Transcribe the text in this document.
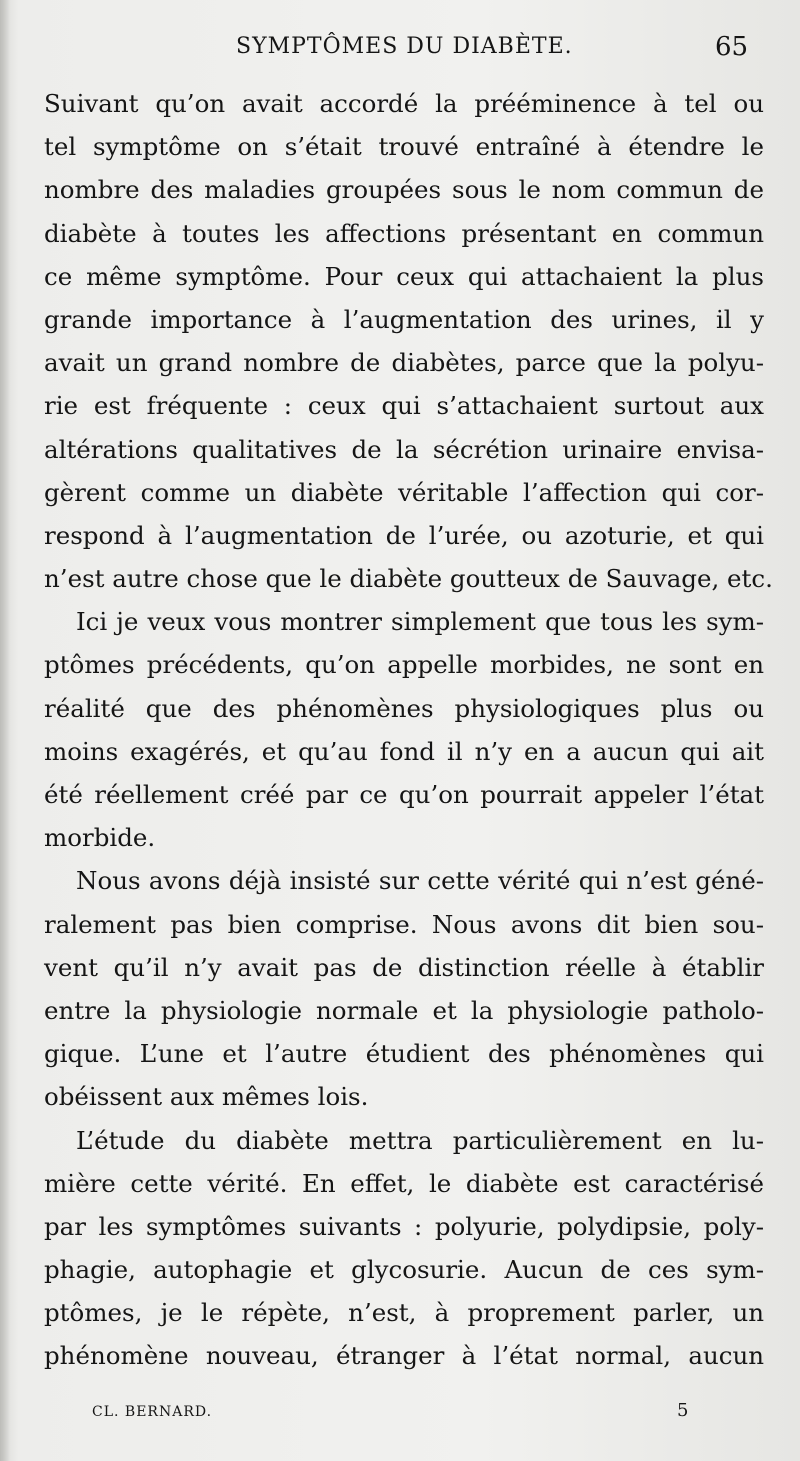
SYMPTÔMES DU DIABÈTE.	65
Suivant qu’on avait accordé la prééminence à tel ou
tel symptôme on s’était trouvé entraîné à étendre le
nombre des maladies groupées sous le nom commun de
diabète à toutes les affections présentant en commun
ce même symptôme. Pour ceux qui attachaient la plus
grande importance à l’augmentation des urines, il y
avait un grand nombre de diabètes, parce que la polyu-
rie est fréquente : ceux qui s’attachaient surtout aux
altérations qualitatives de la sécrétion urinaire envisa-
gèrent comme un diabète véritable l’affection qui cor-
respond à l’augmentation de l’urée, ou azoturie, et qui
n’est autre chose que le diabète goutteux de Sauvage, etc.
Ici je veux vous montrer simplement que tous les sym-
ptômes précédents, qu’on appelle morbides, ne sont en
réalité que des phénomènes physiologiques plus ou
moins exagérés, et qu’au fond il n’y en a aucun qui ait
été réellement créé par ce qu’on pourrait appeler l’état
morbide.
Nous avons déjà insisté sur cette vérité qui n’est géné-
ralement pas bien comprise. Nous avons dit bien sou-
vent qu’il n’y avait pas de distinction réelle à établir
entre la physiologie normale et la physiologie patholo-
gique. L’une et l’autre étudient des phénomènes qui
obéissent aux mêmes lois.
L’étude du diabète mettra particulièrement en lu-
mière cette vérité. En effet, le diabète est caractérisé
par les symptômes suivants : polyurie, polydipsie, poly-
phagie, autophagie et glycosurie. Aucun de ces sym-
ptômes, je le répète, n’est, à proprement parler, un
phénomène nouveau, étranger à l’état normal, aucun
CL. BERNARD.	5
